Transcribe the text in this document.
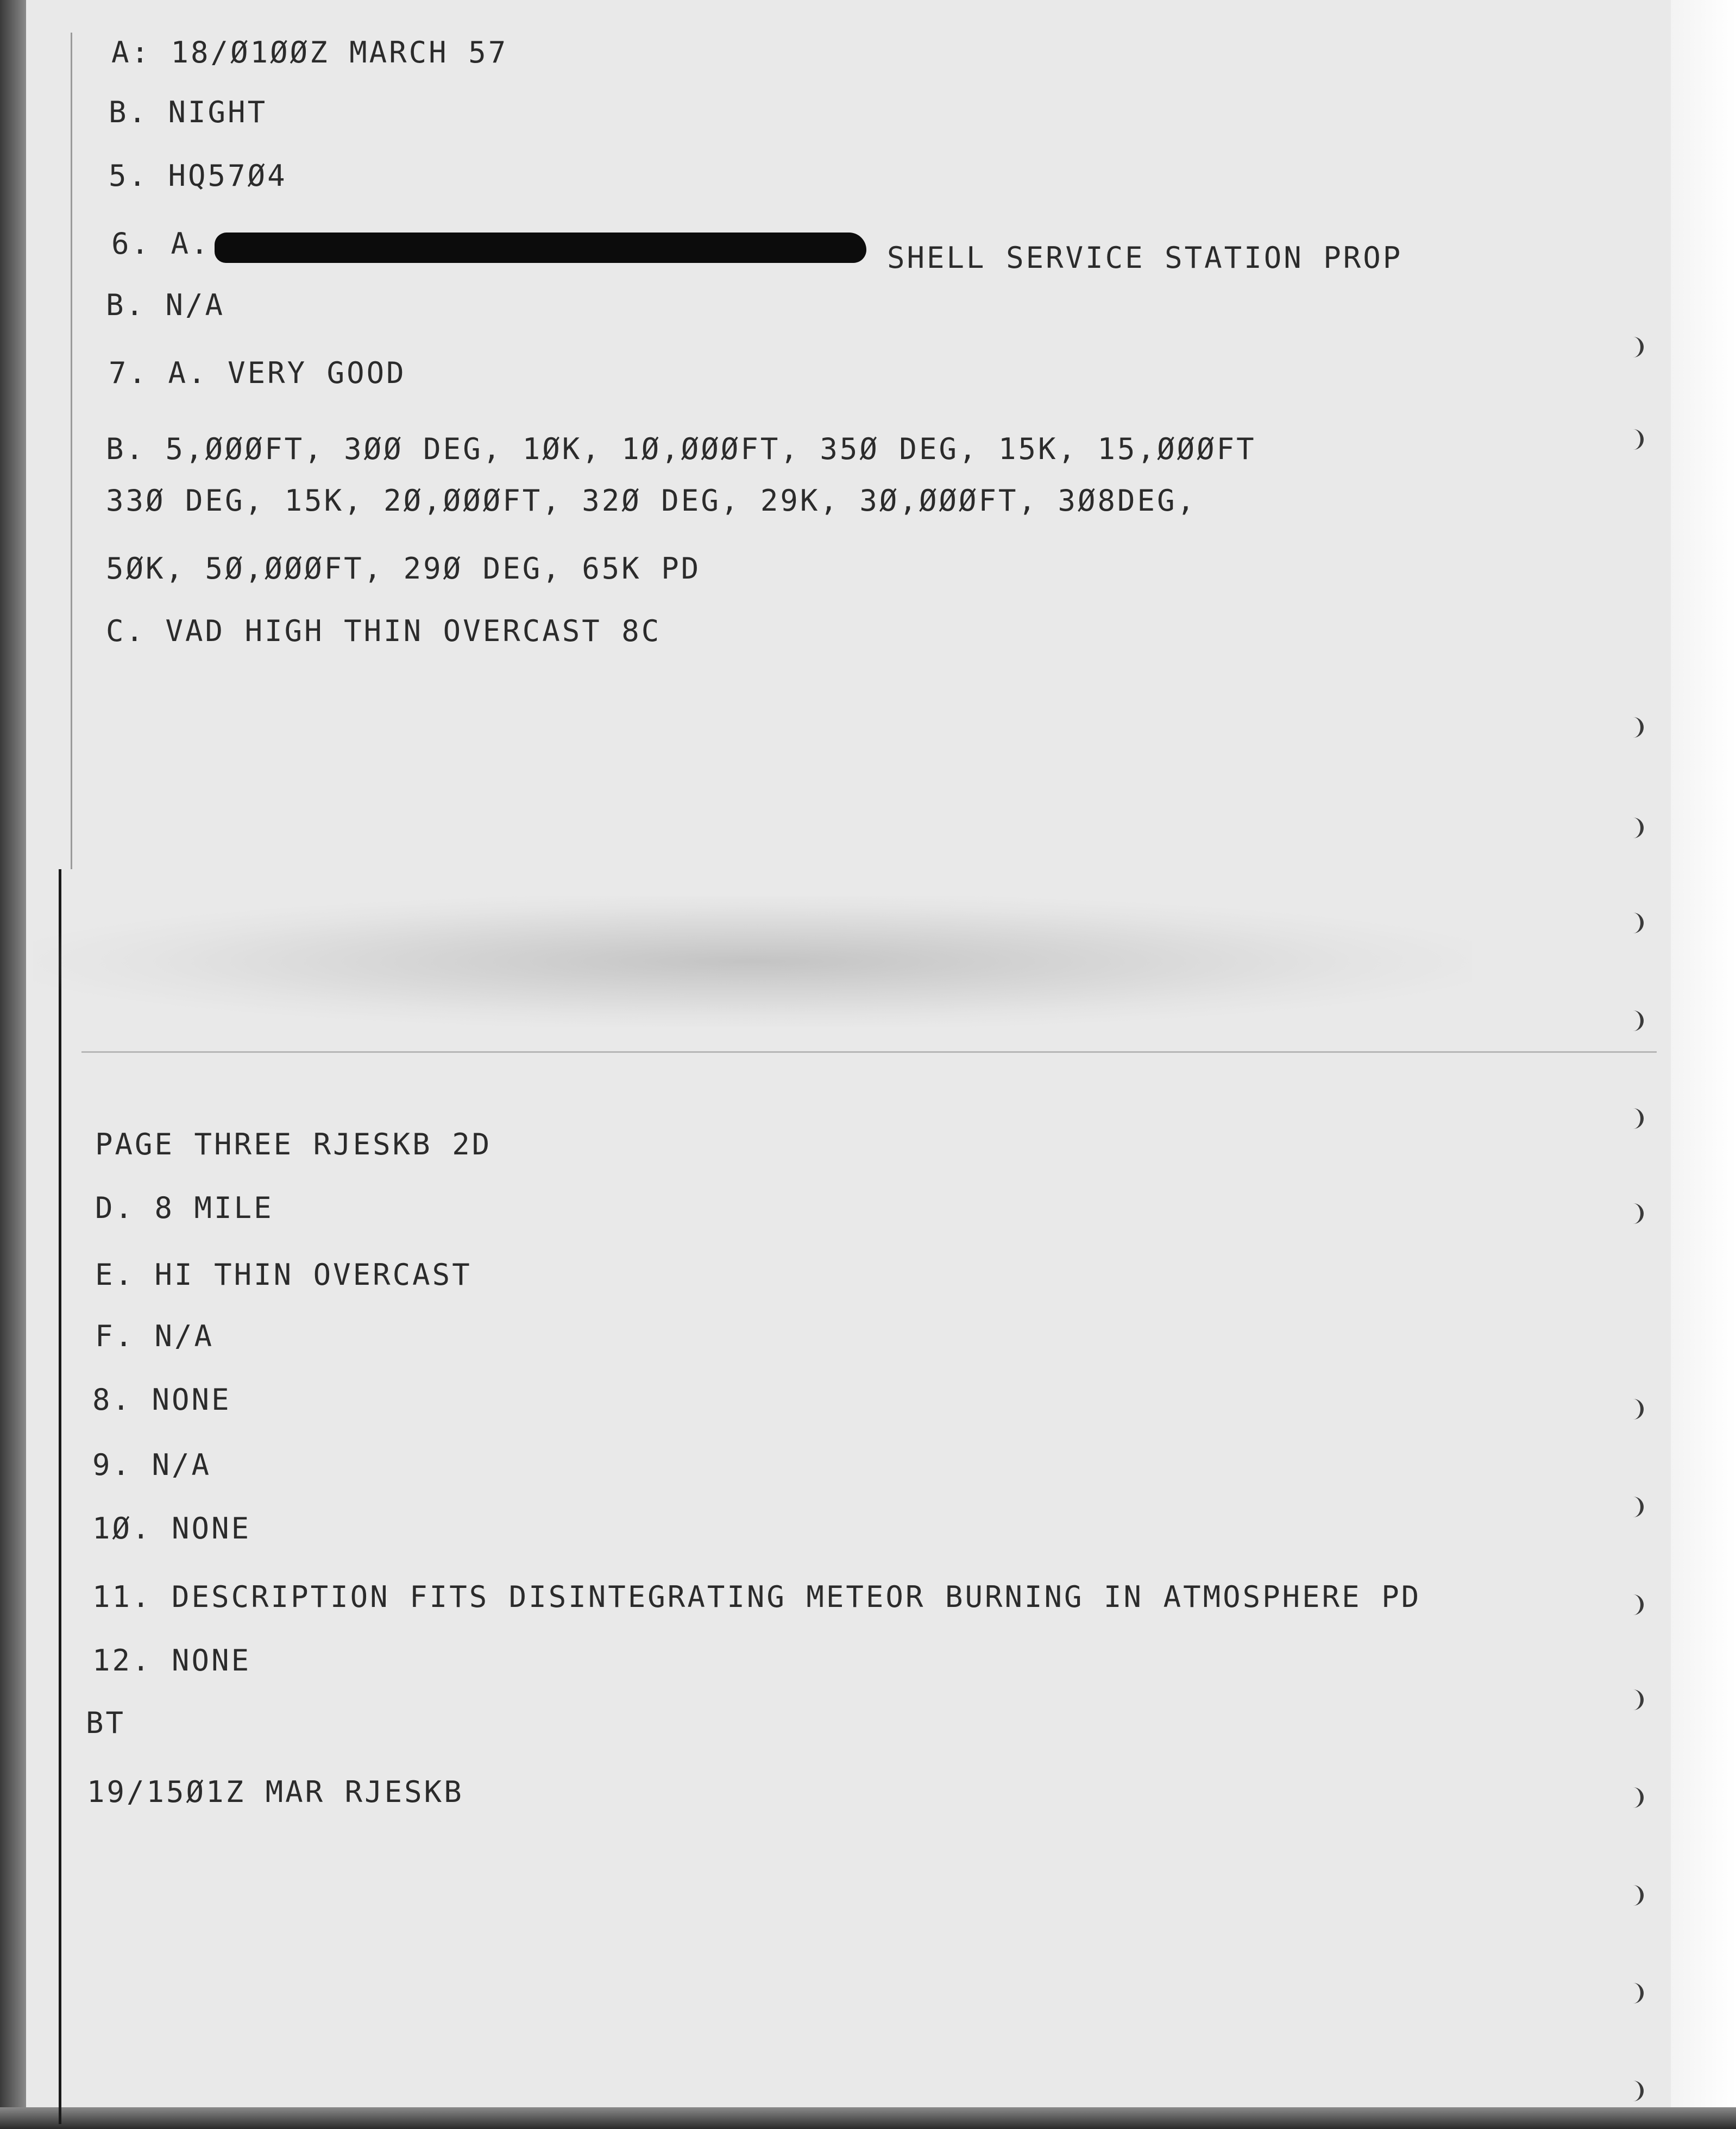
A: 18/Ø1ØØZ MARCH 57
B. NIGHT
5. HQ57Ø4
6. A.	SHELL SERVICE STATION PROP
B. N/A
7. A. VERY GOOD
B. 5,ØØØFT, 3ØØ DEG, 1ØK, 1Ø,ØØØFT, 35Ø DEG, 15K, 15,ØØØFT
33Ø DEG, 15K, 2Ø,ØØØFT, 32Ø DEG, 29K, 3Ø,ØØØFT, 3Ø8DEG,
5ØK, 5Ø,ØØØFT, 29Ø DEG, 65K PD
C. VAD HIGH THIN OVERCAST 8C
PAGE THREE RJESKB 2D
D. 8 MILE
E. HI THIN OVERCAST
F. N/A
8. NONE
9. N/A
1Ø. NONE
11. DESCRIPTION FITS DISINTEGRATING METEOR BURNING IN ATMOSPHERE PD
12. NONE
BT
19/15Ø1Z MAR RJESKB
